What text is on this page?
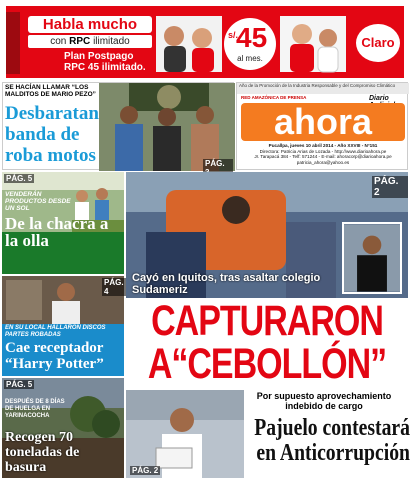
Habla mucho
con RPC ilimitado
Plan Postpago
RPC 45 ilimitado.
s/.
45
al mes.
Claro
SE HACÍAN LLAMAR “LOS MALDITOS DE MARIO PEZO”
Desbaratan banda de roba motos	PÁG.
Año de la Promoción de la Industria Responsable y del Compromiso Climático
RED AMAZÓNICA DE PRENSA	Diario
ahora
Pucallpa, jueves 10 abril 2014 - Año XXVIII - N°151
Directora: Patricia Arias de Lozada - http://www.diarioahora.pe
Jr. Tarapacá 384 - Telf: 571244 - E-mail: ahoracorp@diarioahora.pe
patricia_ahora@yahoo.es
PÁG. 5
VENDERÁN PRODUCTOS DESDE UN SOL
De la chacra a la olla
PÁG. 4
EN SU LOCAL HALLARON DISCOS PARTES ROBADAS
Cae receptador “Harry Potter”
PÁG. 5
DESPUÉS DE 8 DÍAS DE HUELGA EN YARINACOCHA
Recogen 70 toneladas de basura
PÁG. 2
Cayó en Iquitos, tras asaltar colegio Sudameriz
CAPTURARON
A“CEBOLLÓN”
Por supuesto aprovechamiento indebido de cargo
Pajuelo contestará en Anticorrupción
PÁG. 2
